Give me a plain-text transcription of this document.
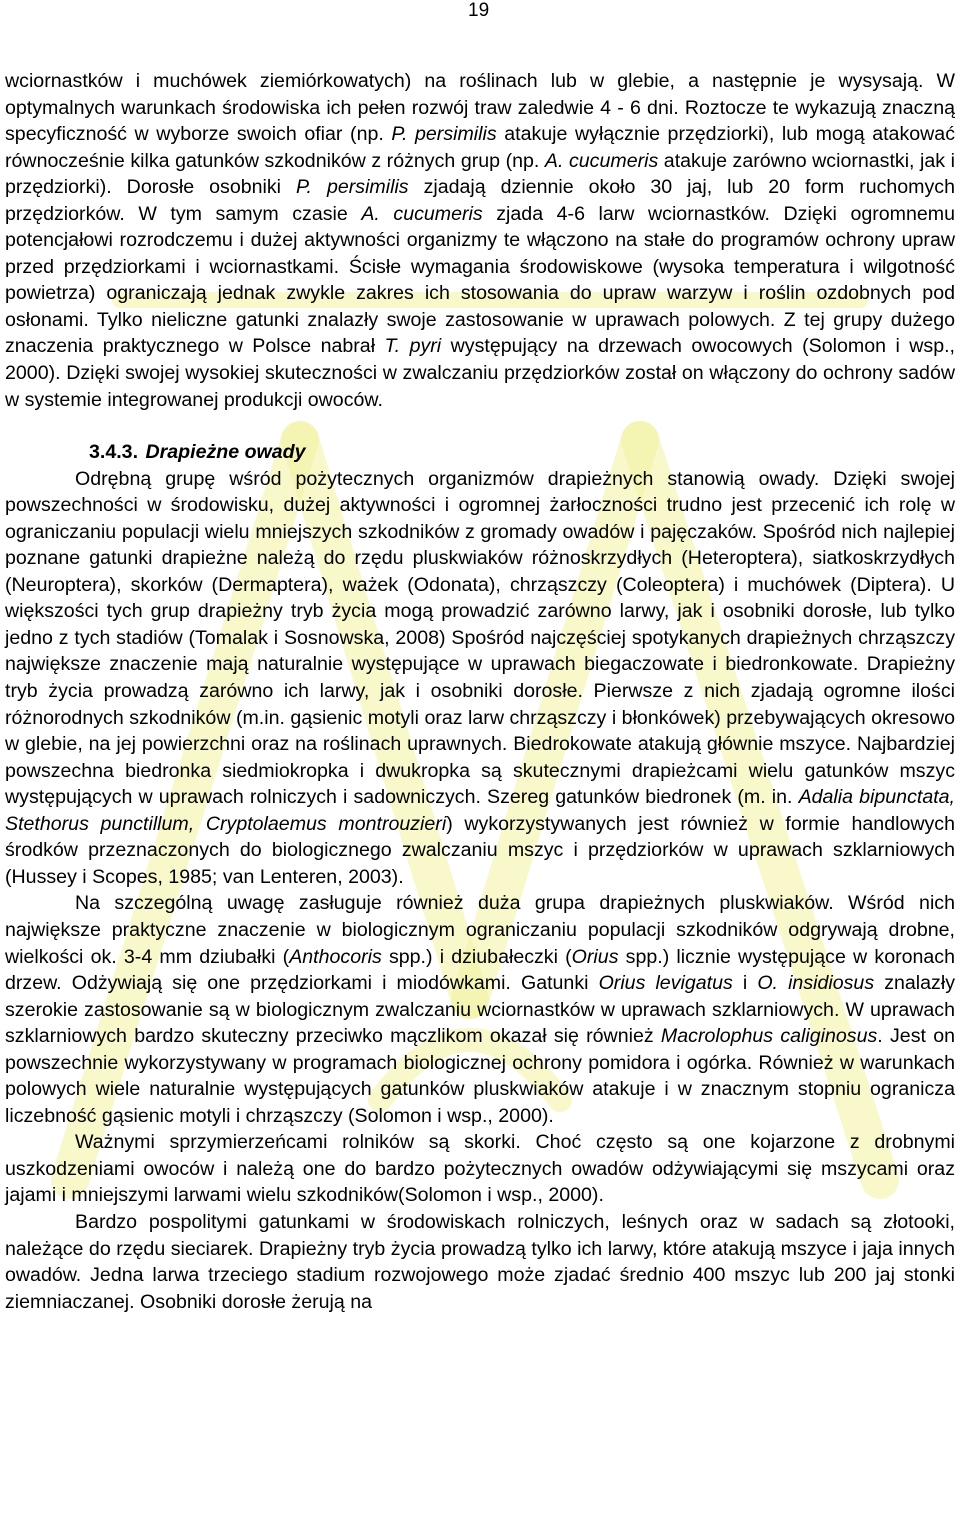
19

wciornastków i muchówek ziemiórkowatych) na roślinach lub w glebie, a następnie je wysysają. W optymalnych warunkach środowiska ich pełen rozwój traw zaledwie 4 - 6 dni. Roztocze te wykazują znaczną specyficzność w wyborze swoich ofiar (np. P. persimilis atakuje wyłącznie przędziorki), lub mogą atakować równocześnie kilka gatunków szkodników z różnych grup (np. A. cucumeris atakuje zarówno wciornastki, jak i przędziorki). Dorosłe osobniki P. persimilis zjadają dziennie około 30 jaj, lub 20 form ruchomych przędziorków. W tym samym czasie A. cucumeris zjada 4-6 larw wciornastków. Dzięki ogromnemu potencjałowi rozrodczemu i dużej aktywności organizmy te włączono na stałe do programów ochrony upraw przed przędziorkami i wciornastkami. Ścisłe wymagania środowiskowe (wysoka temperatura i wilgotność powietrza) ograniczają jednak zwykle zakres ich stosowania do upraw warzyw i roślin ozdobnych pod osłonami. Tylko nieliczne gatunki znalazły swoje zastosowanie w uprawach polowych. Z tej grupy dużego znaczenia praktycznego w Polsce nabrał T. pyri występujący na drzewach owocowych (Solomon i wsp., 2000). Dzięki swojej wysokiej skuteczności w zwalczaniu przędziorków został on włączony do ochrony sadów w systemie integrowanej produkcji owoców.

3.4.3. Drapieżne owady

Odrębną grupę wśród pożytecznych organizmów drapieżnych stanowią owady. Dzięki swojej powszechności w środowisku, dużej aktywności i ogromnej żarłoczności trudno jest przecenić ich rolę w ograniczaniu populacji wielu mniejszych szkodników z gromady owadów i pajęczaków. Spośród nich najlepiej poznane gatunki drapieżne należą do rzędu pluskwiaków różnoskrzydłych (Heteroptera), siatkoskrzydłych (Neuroptera), skorków (Dermaptera), ważek (Odonata), chrząszczy (Coleoptera) i muchówek (Diptera). U większości tych grup drapieżny tryb życia mogą prowadzić zarówno larwy, jak i osobniki dorosłe, lub tylko jedno z tych stadiów (Tomalak i Sosnowska, 2008) Spośród najczęściej spotykanych drapieżnych chrząszczy największe znaczenie mają naturalnie występujące w uprawach biegaczowate i biedronkowate. Drapieżny tryb życia prowadzą zarówno ich larwy, jak i osobniki dorosłe. Pierwsze z nich zjadają ogromne ilości różnorodnych szkodników (m.in. gąsienic motyli oraz larw chrząszczy i błonkówek) przebywających okresowo w glebie, na jej powierzchni oraz na roślinach uprawnych. Biedrokowate atakują głównie mszyce. Najbardziej powszechna biedronka siedmiokropka i dwukropka są skutecznymi drapieżcami wielu gatunków mszyc występujących w uprawach rolniczych i sadowniczych. Szereg gatunków biedronek (m. in. Adalia bipunctata, Stethorus punctillum, Cryptolaemus montrouzieri) wykorzystywanych jest również w formie handlowych środków przeznaczonych do biologicznego zwalczaniu mszyc i przędziorków w uprawach szklarniowych (Hussey i Scopes, 1985; van Lenteren, 2003).

Na szczególną uwagę zasługuje również duża grupa drapieżnych pluskwiaków. Wśród nich największe praktyczne znaczenie w biologicznym ograniczaniu populacji szkodników odgrywają drobne, wielkości ok. 3-4 mm dziubałki (Anthocoris spp.) i dziubałeczki (Orius spp.) licznie występujące w koronach drzew. Odżywiają się one przędziorkami i miodówkami. Gatunki Orius levigatus i O. insidiosus znalazły szerokie zastosowanie są w biologicznym zwalczaniu wciornastków w uprawach szklarniowych. W uprawach szklarniowych bardzo skuteczny przeciwko mączlikom okazał się również Macrolophus caliginosus. Jest on powszechnie wykorzystywany w programach biologicznej ochrony pomidora i ogórka. Również w warunkach polowych wiele naturalnie występujących gatunków pluskwiaków atakuje i w znacznym stopniu ogranicza liczebność gąsienic motyli i chrząszczy (Solomon i wsp., 2000).

Ważnymi sprzymierzeńcami rolników są skorki. Choć często są one kojarzone z drobnymi uszkodzeniami owoców i należą one do bardzo pożytecznych owadów odżywiającymi się mszycami oraz jajami i mniejszymi larwami wielu szkodników(Solomon i wsp., 2000).

Bardzo pospolitymi gatunkami w środowiskach rolniczych, leśnych oraz w sadach są złotooki, należące do rzędu sieciarek. Drapieżny tryb życia prowadzą tylko ich larwy, które atakują mszyce i jaja innych owadów. Jedna larwa trzeciego stadium rozwojowego może zjadać średnio 400 mszyc lub 200 jaj stonki ziemniaczanej. Osobniki dorosłe żerują na
